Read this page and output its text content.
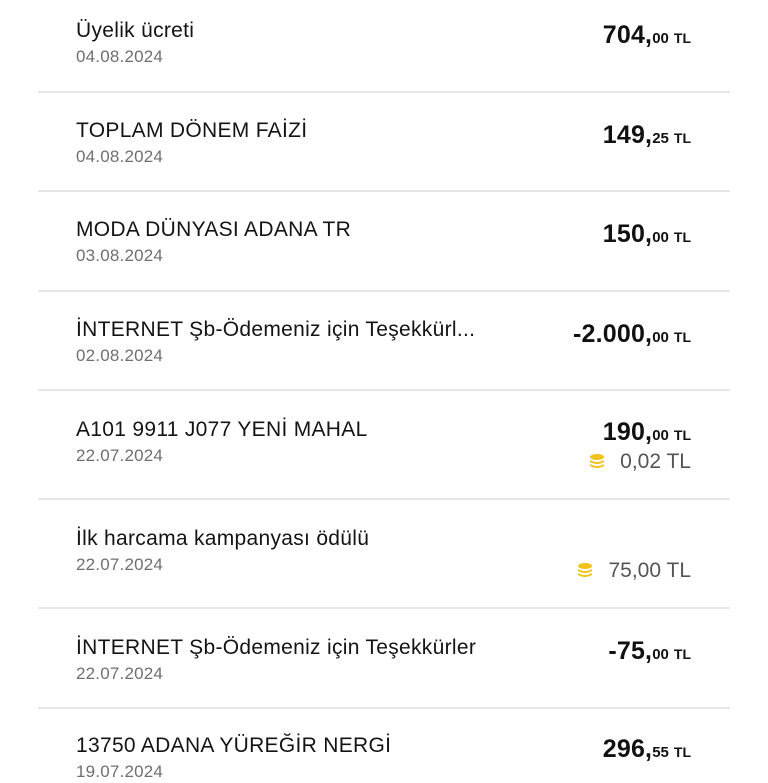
Üyelik ücreti
04.08.2024
704,00 TL
TOPLAM DÖNEM FAİZİ
04.08.2024
149,25 TL
MODA DÜNYASI ADANA TR
03.08.2024
150,00 TL
İNTERNET Şb-Ödemeniz için Teşekkürl...
02.08.2024
-2.000,00 TL
A101 9911 J077 YENİ MAHAL
22.07.2024
190,00 TL
0,02 TL
İlk harcama kampanyası ödülü
22.07.2024	75,00 TL
İNTERNET Şb-Ödemeniz için Teşekkürler
22.07.2024
-75,00 TL
13750 ADANA YÜREĞİR NERGİ
19.07.2024
296,55 TL
